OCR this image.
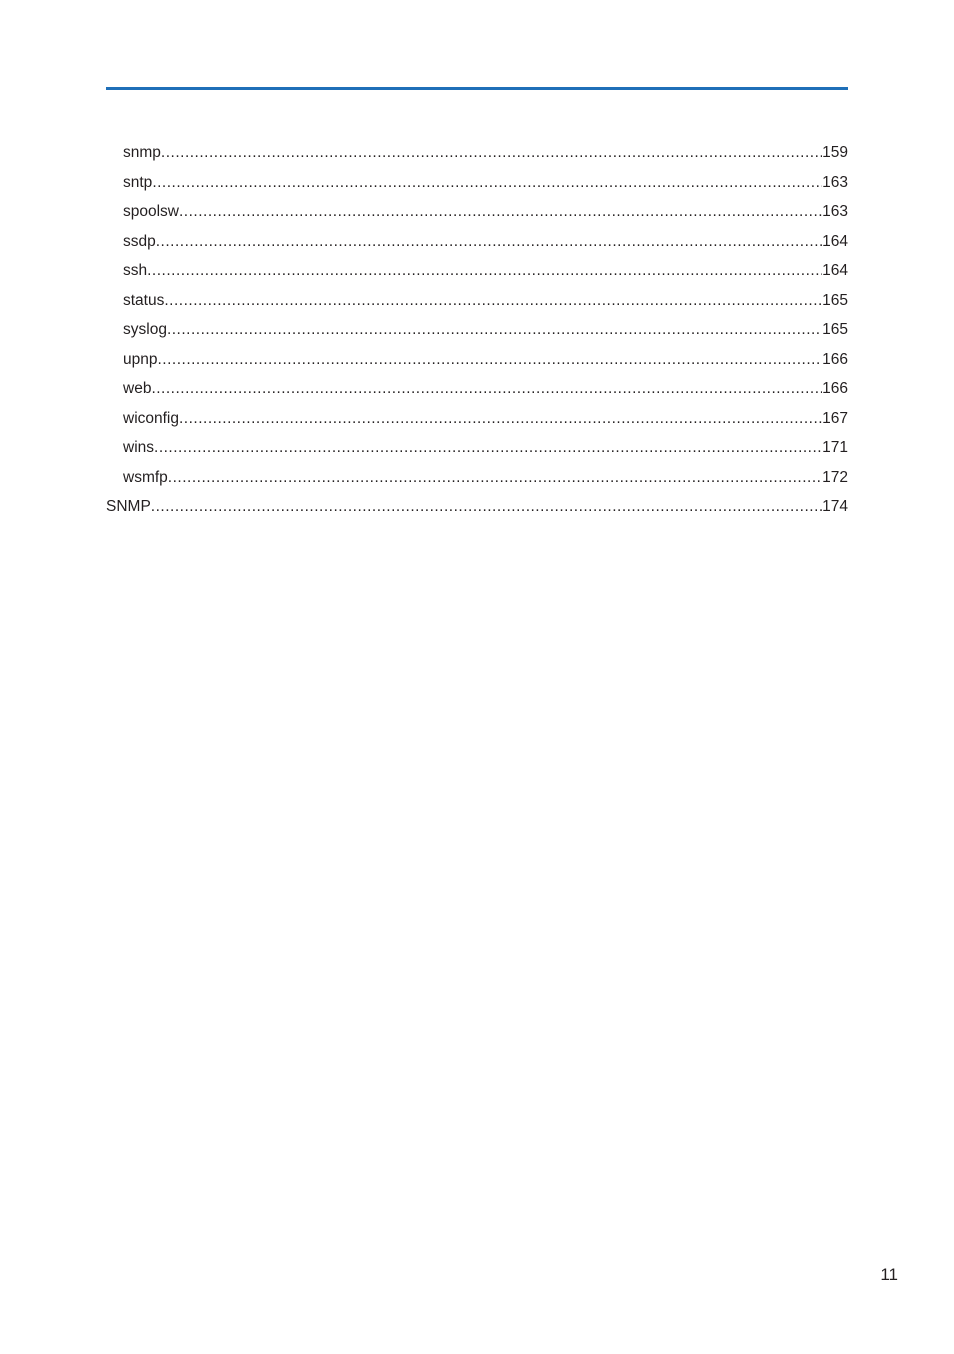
snmp .....	159
sntp .....	163
spoolsw .....	163
ssdp .....	164
ssh .....	164
status .....	165
syslog .....	165
upnp .....	166
web .....	166
wiconfig .....	167
wins .....	171
wsmfp .....	172
SNMP .....	174
11
